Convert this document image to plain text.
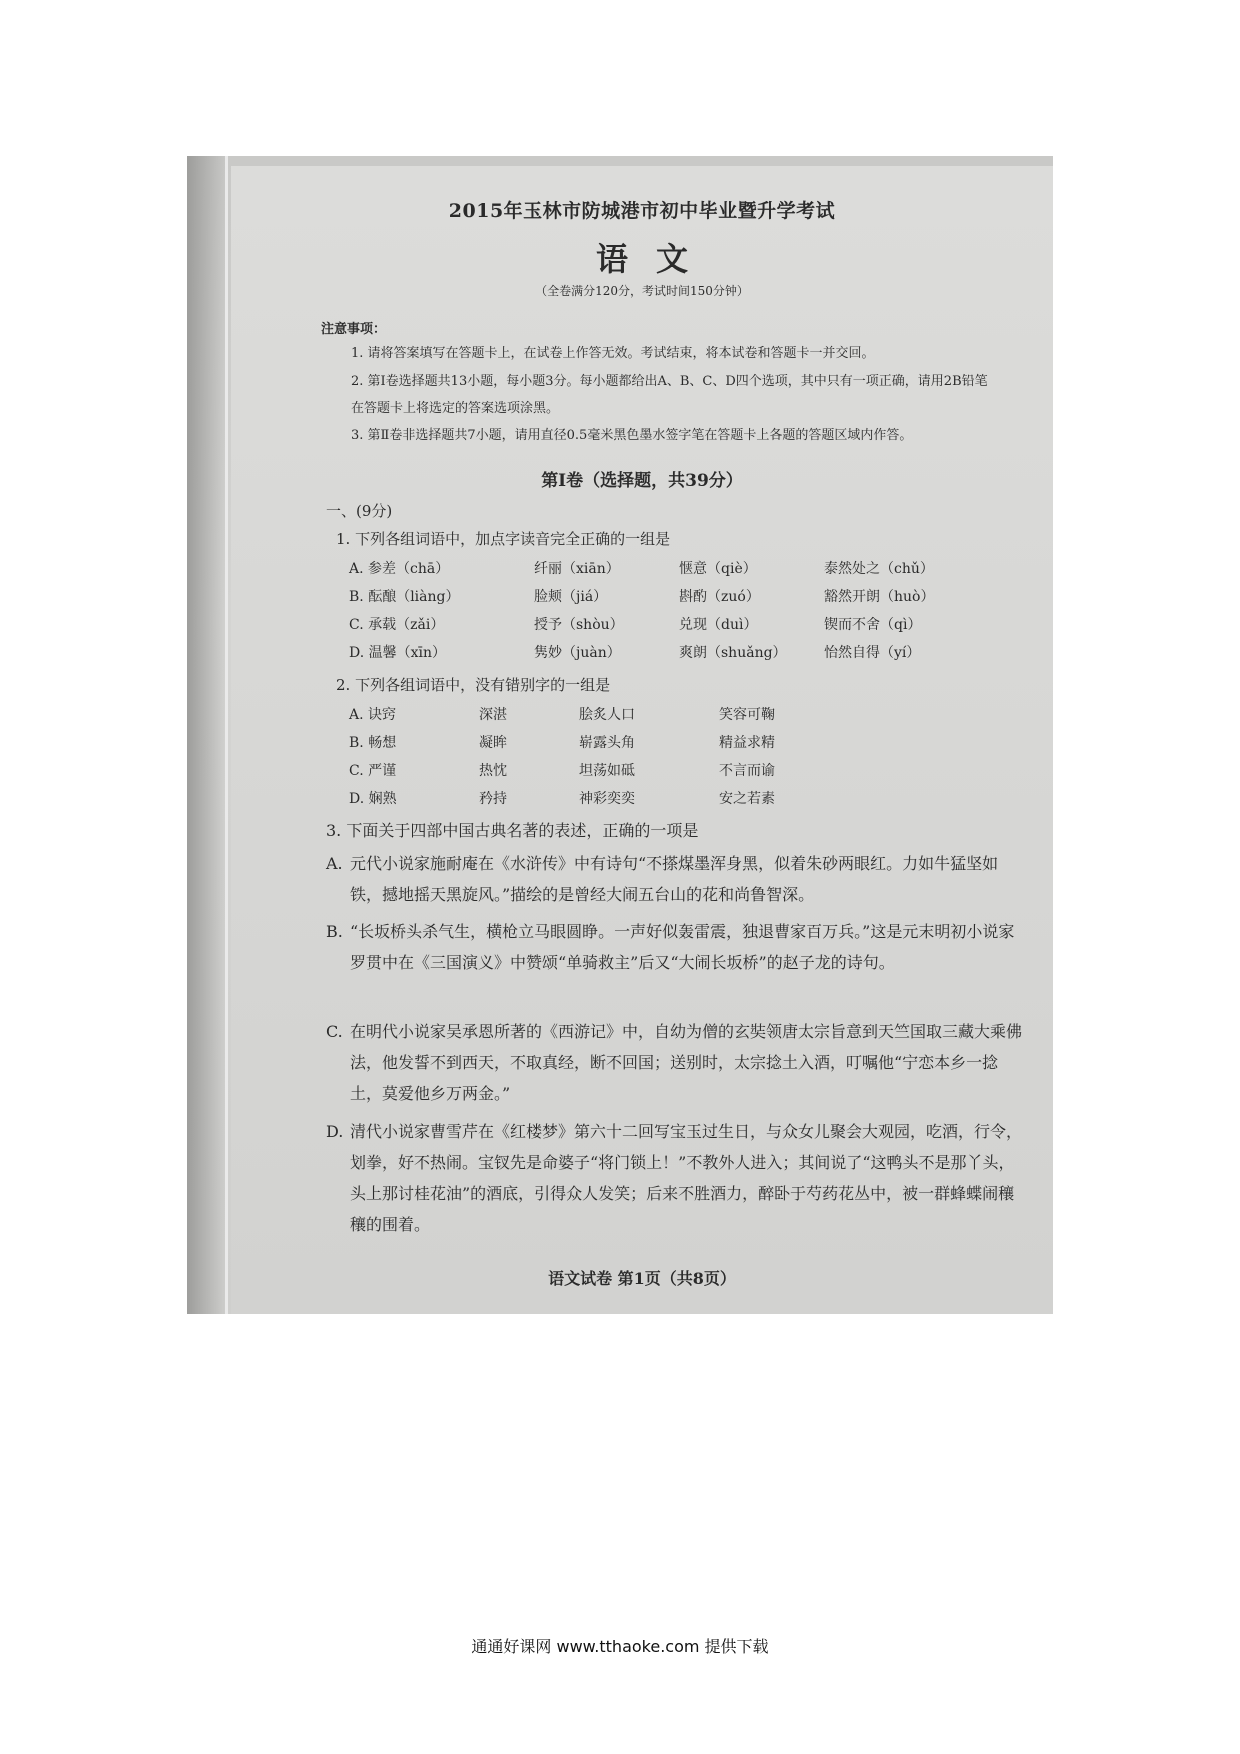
2015年玉林市防城港市初中毕业暨升学考试
语 文
（全卷满分120分，考试时间150分钟）
注意事项：
1. 请将答案填写在答题卡上，在试卷上作答无效。考试结束，将本试卷和答题卡一并交回。
2. 第Ⅰ卷选择题共13小题，每小题3分。每小题都给出A、B、C、D四个选项，其中只有一项正确，请用2B铅笔在答题卡上将选定的答案选项涂黑。
3. 第Ⅱ卷非选择题共7小题，请用直径0.5毫米黑色墨水签字笔在答题卡上各题的答题区域内作答。
第Ⅰ卷（选择题，共39分）
一、(9分)
1. 下列各组词语中，加点字读音完全正确的一组是
A. 参差（chā）	纤丽（xiān）	惬意（qiè）	泰然处之（chǔ）
B. 酝酿（liàng）	脸颊（jiá）	斟酌（zuó）	豁然开朗（huò）
C. 承载（zǎi）	授予（shòu）	兑现（duì）	锲而不舍（qì）
D. 温馨（xīn）	隽妙（juàn）	爽朗（shuǎng）	怡然自得（yí）
2. 下列各组词语中，没有错别字的一组是
A. 诀窍	深湛	脍炙人口	笑容可鞠
B. 畅想	凝眸	崭露头角	精益求精
C. 严谨	热忱	坦荡如砥	不言而谕
D. 娴熟	矜持	神彩奕奕	安之若素
3. 下面关于四部中国古典名著的表述，正确的一项是
A. 元代小说家施耐庵在《水浒传》中有诗句“不搽煤墨浑身黑，似着朱砂两眼红。力如牛猛坚如铁，撼地摇天黑旋风。”描绘的是曾经大闹五台山的花和尚鲁智深。
B. “长坂桥头杀气生，横枪立马眼圆睁。一声好似轰雷震，独退曹家百万兵。”这是元末明初小说家罗贯中在《三国演义》中赞颂“单骑救主”后又“大闹长坂桥”的赵子龙的诗句。
C. 在明代小说家吴承恩所著的《西游记》中，自幼为僧的玄奘领唐太宗旨意到天竺国取三藏大乘佛法，他发誓不到西天，不取真经，断不回国；送别时，太宗捻土入酒，叮嘱他“宁恋本乡一捻土，莫爱他乡万两金。”
D. 清代小说家曹雪芹在《红楼梦》第六十二回写宝玉过生日，与众女儿聚会大观园，吃酒，行令，划拳，好不热闹。宝钗先是命婆子“将门锁上！”不教外人进入；其间说了“这鸭头不是那丫头，头上那讨桂花油”的酒底，引得众人发笑；后来不胜酒力，醉卧于芍药花丛中，被一群蜂蝶闹穰穰的围着。
语文试卷 第1页（共8页）
通通好课网 www.tthaoke.com 提供下载
